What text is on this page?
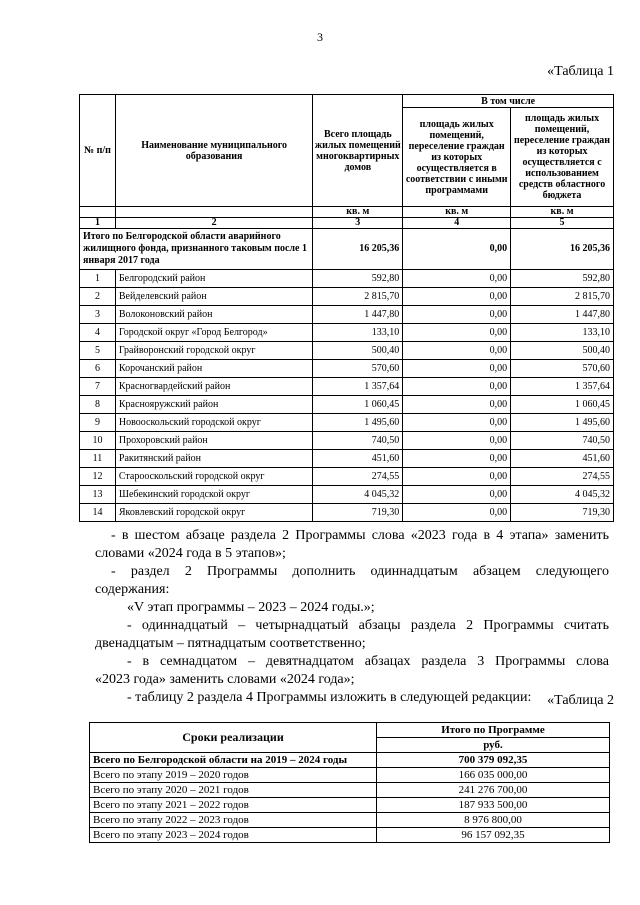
3
«Таблица 1
№ п/п	Наименование муниципального образования	Всего площадь жилых помещений многоквартирных домов	В том числе	
			площадь жилых помещений, переселение граждан из которых осуществляется в соответствии с иными программами	площадь жилых помещений, переселение граждан из которых осуществляется с использованием средств областного бюджета
		кв. м	кв. м	кв. м
1	2	3	4	5
Итого по Белгородской области аварийного жилищного фонда, признанного таковым после 1 января 2017 года		16 205,36	0,00	16 205,36
1	Белгородский район	592,80	0,00	592,80
2	Вейделевский район	2 815,70	0,00	2 815,70
3	Волоконовский район	1 447,80	0,00	1 447,80
4	Городской округ «Город Белгород»	133,10	0,00	133,10
5	Грайворонский городской округ	500,40	0,00	500,40
6	Корочанский район	570,60	0,00	570,60
7	Красногвардейский район	1 357,64	0,00	1 357,64
8	Краснояружский район	1 060,45	0,00	1 060,45
9	Новооскольский городской округ	1 495,60	0,00	1 495,60
10	Прохоровский район	740,50	0,00	740,50
11	Ракитянский район	451,60	0,00	451,60
12	Старооскольский городской округ	274,55	0,00	274,55
13	Шебекинский городской округ	4 045,32	0,00	4 045,32
14	Яковлевский городской округ	719,30	0,00	719,30
- в шестом абзаце раздела 2 Программы слова «2023 года в 4 этапа» заменить
словами «2024 года в 5 этапов»;
- раздел 2 Программы дополнить одиннадцатым абзацем следующего
содержания:
«V этап программы – 2023 – 2024 годы.»;
- одиннадцатый – четырнадцатый абзацы раздела 2 Программы считать
двенадцатым – пятнадцатым соответственно;
- в семнадцатом – девятнадцатом абзацах раздела 3 Программы слова
«2023 года» заменить словами «2024 года»;
- таблицу 2 раздела 4 Программы изложить в следующей редакции:	«Таблица 2
Сроки реализации	Итого по Программе
	руб.
Всего по Белгородской области на 2019 – 2024 годы	700 379 092,35
Всего по этапу 2019 – 2020 годов	166 035 000,00
Всего по этапу 2020 – 2021 годов	241 276 700,00
Всего по этапу 2021 – 2022 годов	187 933 500,00
Всего по этапу 2022 – 2023 годов	8 976 800,00
Всего по этапу 2023 – 2024 годов	96 157 092,35
